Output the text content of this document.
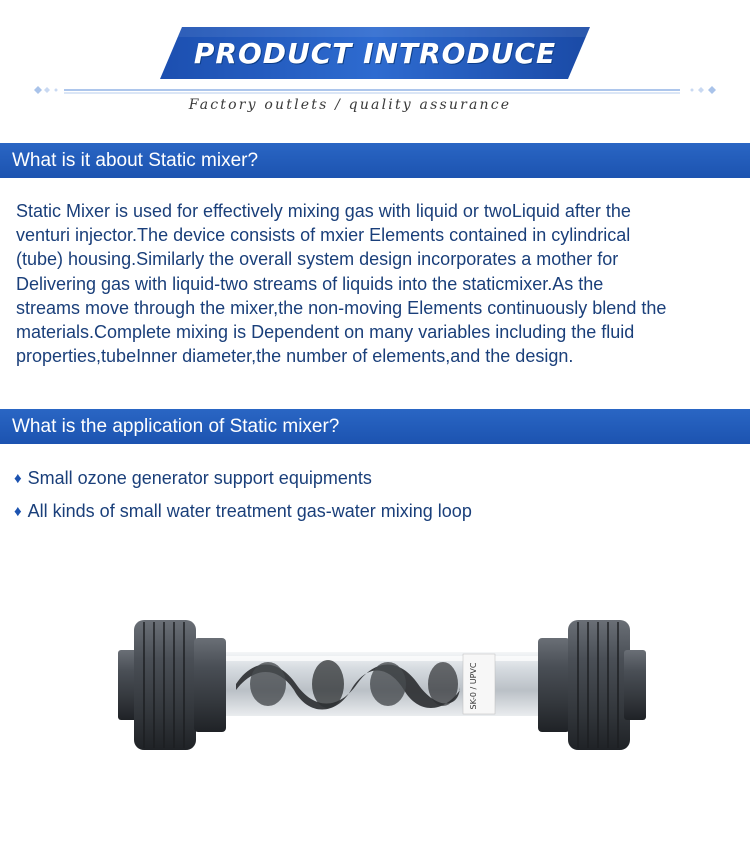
PRODUCT INTRODUCE
Factory outlets / quality assurance
What is it about Static mixer?

Static Mixer is used for effectively mixing gas with liquid or twoLiquid after the
venturi injector.The device consists of mxier Elements contained in cylindrical
(tube) housing.Similarly the overall system design incorporates a mother for
Delivering gas with liquid-two streams of liquids into the staticmixer.As the
streams move through the mixer,the non-moving Elements continuously blend the
materials.Complete mixing is Dependent on many variables including the fluid
properties,tubeInner diameter,the number of elements,and the design.

What is the application of Static mixer?
♦ Small ozone generator support equipments
♦ All kinds of small water treatment gas-water mixing loop
SK-0 / UPVC
